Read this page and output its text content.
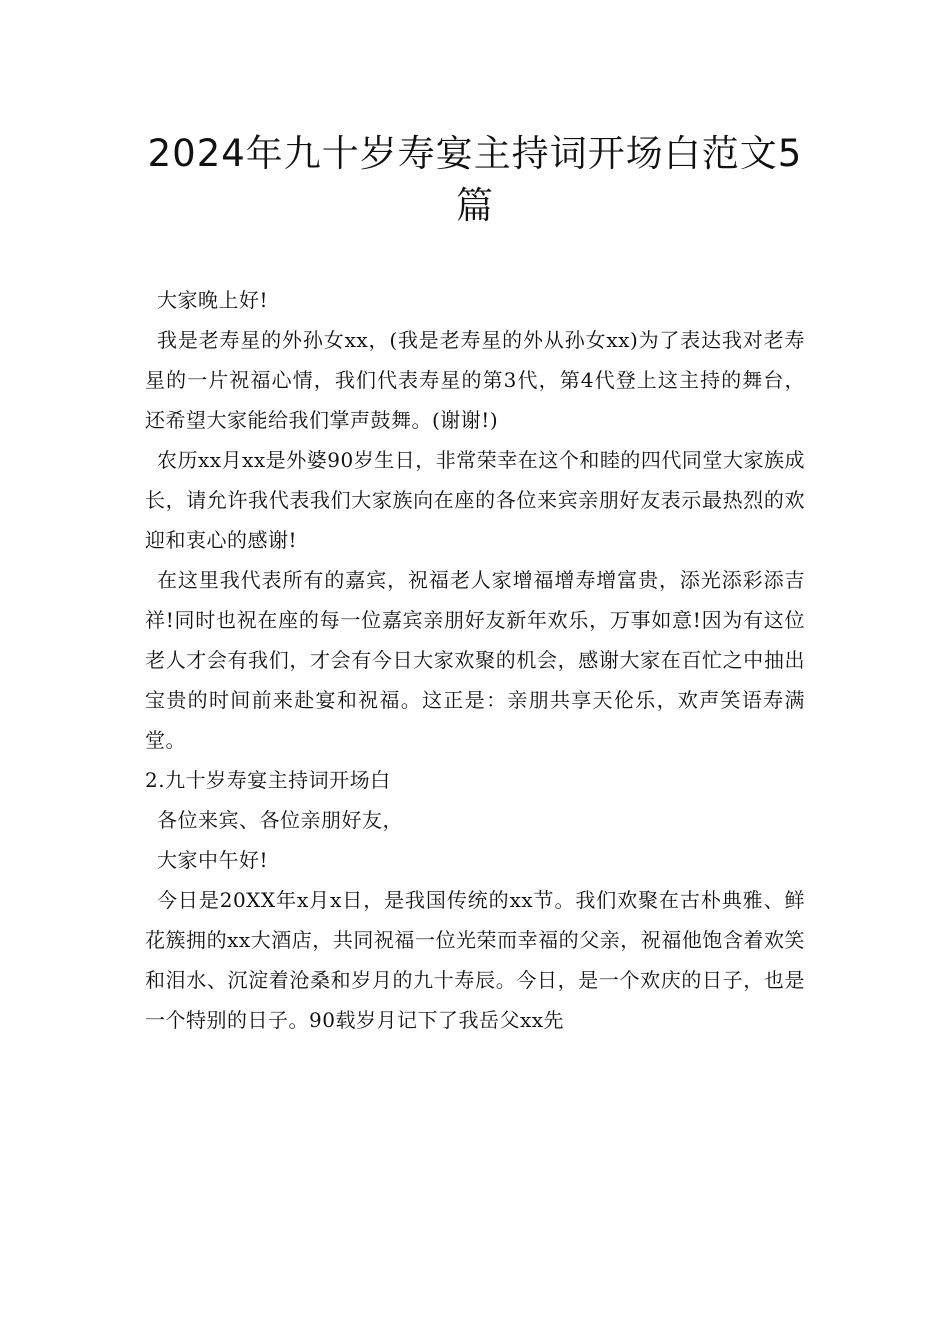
2024年九十岁寿宴主持词开场白范文5篇

大家晚上好!

我是老寿星的外孙女xx，(我是老寿星的外从孙女xx)为了表达我对老寿星的一片祝福心情，我们代表寿星的第3代，第4代登上这主持的舞台，还希望大家能给我们掌声鼓舞。(谢谢!)

农历xx月xx是外婆90岁生日，非常荣幸在这个和睦的四代同堂大家族成长，请允许我代表我们大家族向在座的各位来宾亲朋好友表示最热烈的欢迎和衷心的感谢!

在这里我代表所有的嘉宾，祝福老人家增福增寿增富贵，添光添彩添吉祥!同时也祝在座的每一位嘉宾亲朋好友新年欢乐，万事如意!因为有这位老人才会有我们，才会有今日大家欢聚的机会，感谢大家在百忙之中抽出宝贵的时间前来赴宴和祝福。这正是：亲朋共享天伦乐，欢声笑语寿满堂。

2.九十岁寿宴主持词开场白

各位来宾、各位亲朋好友，

大家中午好!

今日是20XX年x月x日，是我国传统的xx节。我们欢聚在古朴典雅、鲜花簇拥的xx大酒店，共同祝福一位光荣而幸福的父亲，祝福他饱含着欢笑和泪水、沉淀着沧桑和岁月的九十寿辰。今日，是一个欢庆的日子，也是一个特别的日子。90载岁月记下了我岳父xx先
